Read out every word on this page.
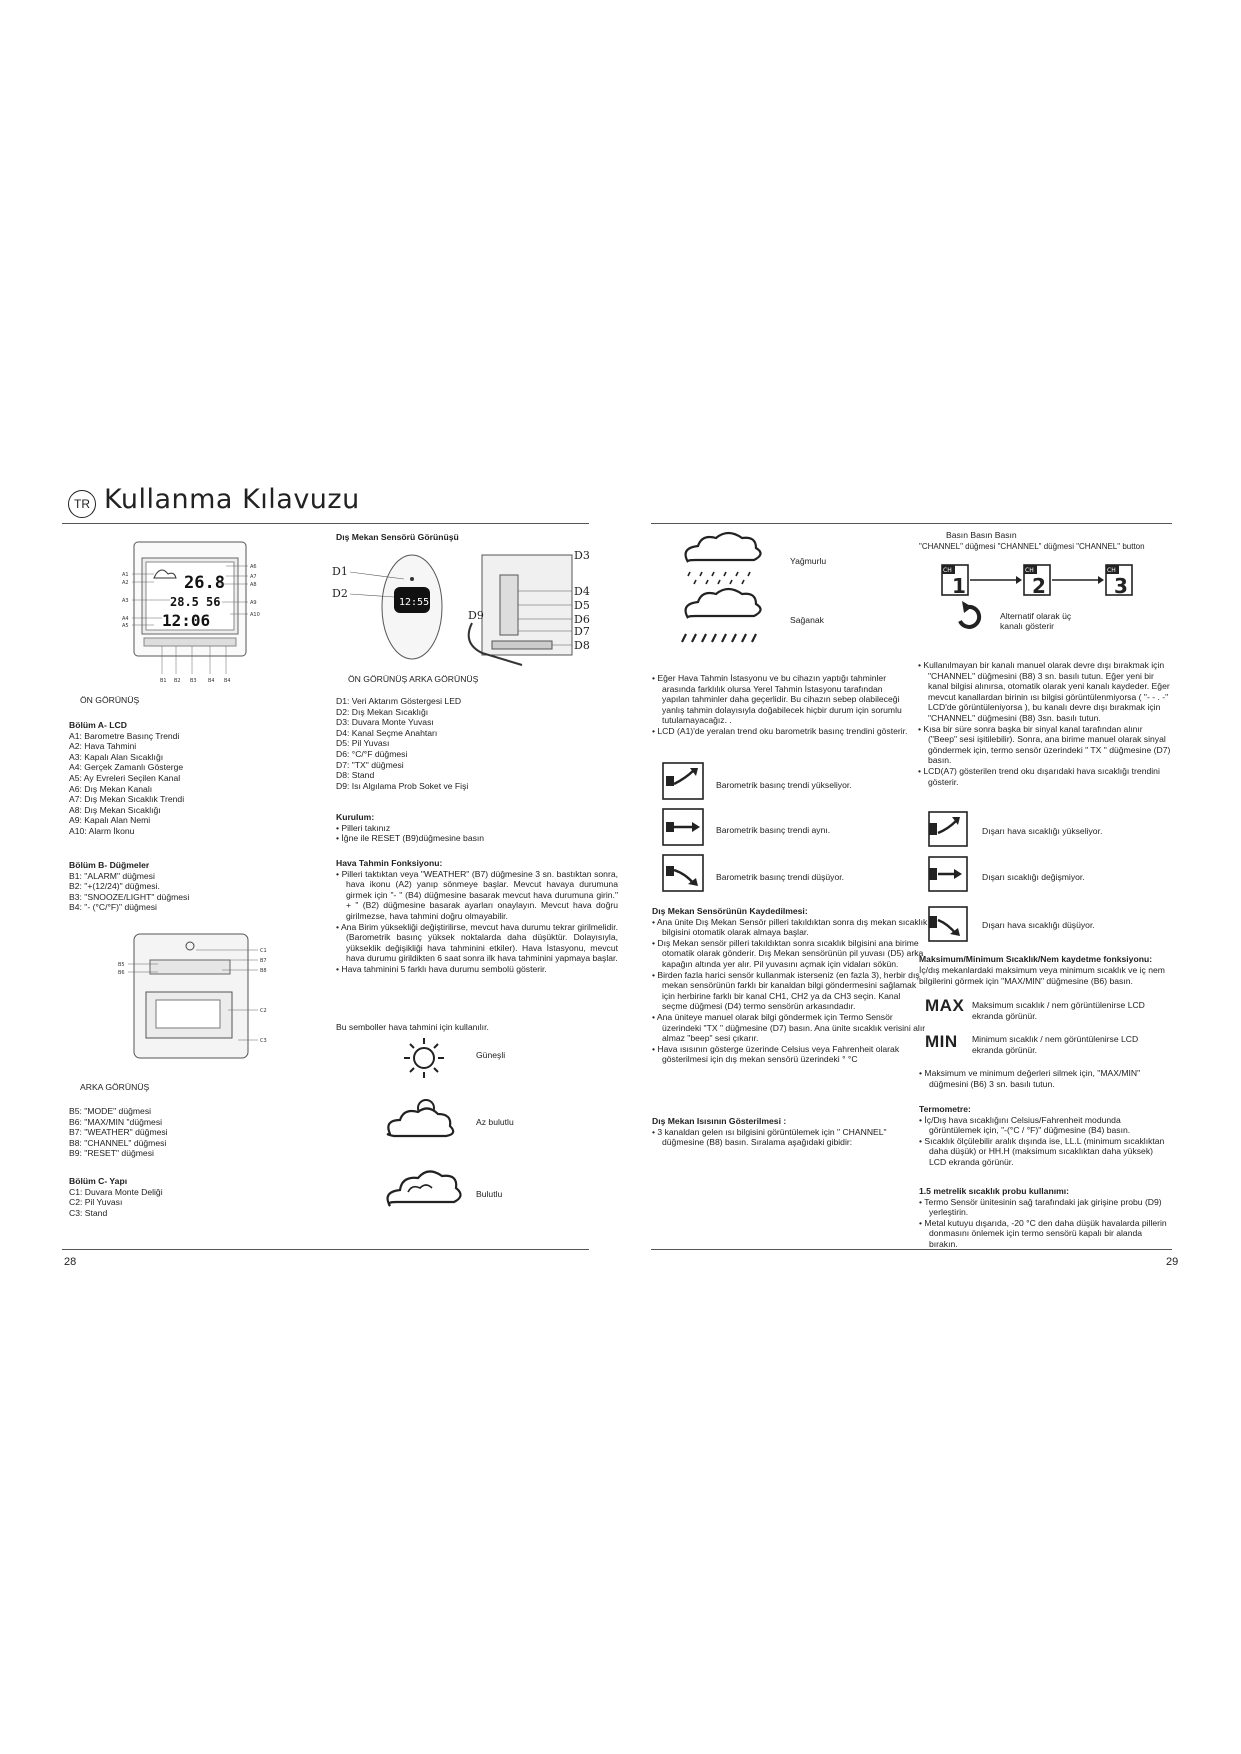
TR Kullanma Kılavuzu
28	29
26.8
28.5 56
12:06
A1
A2
A3
A4
A5
A6
A7
A8
A9
A10
B1 B2 B3 B4 B4
ÖN GÖRÜNÜŞ
Bölüm A- LCD
A1: Barometre Basınç Trendi
A2: Hava Tahmini
A3: Kapalı Alan Sıcaklığı
A4: Gerçek Zamanlı Gösterge
A5: Ay Evreleri Seçilen Kanal
A6: Dış Mekan Kanalı
A7: Dış Mekan Sıcaklık Trendi
A8: Dış Mekan Sıcaklığı
A9: Kapalı Alan Nemi
A10: Alarm İkonu
Bölüm B- Düğmeler
B1: "ALARM" düğmesi
B2: "+(12/24)" düğmesi.
B3: "SNOOZE/LIGHT" düğmesi
B4: "- (°C/°F)" düğmesi
B5
B6
C1
B7
B8
C2
C3
ARKA GÖRÜNÜŞ
B5: "MODE" düğmesi
B6: "MAX/MIN "düğmesi
B7: "WEATHER" düğmesi
B8: "CHANNEL" düğmesi
B9: "RESET" düğmesi
Bölüm C- Yapı
C1: Duvara Monte Deliği
C2: Pil Yuvası
C3: Stand
Dış Mekan Sensörü Görünüşü
12:55
D1
D2
D3
D4
D5
D6
D7
D8
D9
ÖN GÖRÜNÜŞ ARKA GÖRÜNÜŞ
D1: Veri Aktarım Göstergesi LED
D2: Dış Mekan Sıcaklığı
D3: Duvara Monte Yuvası
D4: Kanal Seçme Anahtarı
D5: Pil Yuvası
D6: °C/°F düğmesi
D7: "TX" düğmesi
D8: Stand
D9: Isı Algılama Prob Soket ve Fişi
Kurulum:
• Pilleri takınız
• İğne ile RESET (B9)düğmesine basın
Hava Tahmin Fonksiyonu:
• Pilleri taktıktan veya "WEATHER" (B7) düğmesine 3 sn. bastıktan sonra, hava ikonu (A2) yanıp sönmeye başlar. Mevcut havaya durumuna girmek için "- " (B4) düğmesine basarak mevcut hava durumuna girin." + " (B2) düğmesine basarak ayarları onaylayın. Mevcut hava doğru girilmezse, hava tahmini doğru olmayabilir.
• Ana Birim yüksekliği değiştirilirse, mevcut hava durumu tekrar girilmelidir. (Barometrik basınç yüksek noktalarda daha düşüktür. Dolayısıyla, yükseklik değişikliği hava tahminini etkiler). Hava İstasyonu, mevcut hava durumu girildikten 6 saat sonra ilk hava tahminini yapmaya başlar.
• Hava tahminini 5 farklı hava durumu sembolü gösterir.
Bu semboller hava tahmini için kullanılır.
Güneşli
Az bulutlu
Bulutlu
Yağmurlu
Sağanak
• Eğer Hava Tahmin İstasyonu ve bu cihazın yaptığı tahminler arasında farklılık olursa Yerel Tahmin İstasyonu tarafından yapılan tahminler daha geçerlidir. Bu cihazın sebep olabileceği yanlış tahmin dolayısıyla doğabilecek hiçbir durum için sorumlu tutulamayacağız. .
• LCD (A1)'de yeralan trend oku barometrik basınç trendini gösterir.
Barometrik basınç trendi yükseliyor.
Barometrik basınç trendi aynı.
Barometrik basınç trendi düşüyor.
Dış Mekan Sensörünün Kaydedilmesi:
• Ana ünite Dış Mekan Sensör pilleri takıldıktan sonra dış mekan sıcaklık bilgisini otomatik olarak almaya başlar.
• Dış Mekan sensör pilleri takıldıktan sonra sıcaklık bilgisini ana birime otomatik olarak gönderir. Dış Mekan sensörünün pil yuvası (D5) arka kapağın altında yer alır. Pil yuvasını açmak için vidaları sökün.
• Birden fazla harici sensör kullanmak isterseniz (en fazla 3), herbir dış mekan sensörünün farklı bir kanaldan bilgi göndermesini sağlamak için herbirine farklı bir kanal CH1, CH2 ya da CH3 seçin. Kanal seçme düğmesi (D4) termo sensörün arkasındadır.
• Ana üniteye manuel olarak bilgi göndermek için Termo Sensör üzerindeki "TX " düğmesine (D7) basın. Ana ünite sıcaklık verisini alır almaz "beep" sesi çıkarır.
• Hava ısısının gösterge üzerinde Celsius veya Fahrenheit olarak gösterilmesi için dış mekan sensörü üzerindeki ° °C
Dış Mekan Isısının Gösterilmesi :
• 3 kanaldan gelen ısı bilgisini görüntülemek için " CHANNEL" düğmesine (B8) basın. Sıralama aşağıdaki gibidir:
Basın Basın Basın
"CHANNEL" düğmesi "CHANNEL" düğmesi "CHANNEL" button
CH
1
CH
2
CH
3
Alternatif olarak üç
kanalı gösterir
• Kullanılmayan bir kanalı manuel olarak devre dışı bırakmak için "CHANNEL" düğmesini (B8) 3 sn. basılı tutun. Eğer yeni bir kanal bilgisi alınırsa, otomatik olarak yeni kanalı kaydeder. Eğer mevcut kanallardan birinin ısı bilgisi görüntülenmiyorsa ( "- - . -" LCD'de görüntüleniyorsa ), bu kanalı devre dışı bırakmak için "CHANNEL" düğmesini (B8) 3sn. basılı tutun.
• Kısa bir süre sonra başka bir sinyal kanal tarafından alınır ("Beep" sesi işitilebilir). Sonra, ana birime manuel olarak sinyal göndermek için, termo sensör üzerindeki " TX " düğmesine (D7) basın.
• LCD(A7) gösterilen trend oku dışarıdaki hava sıcaklığı trendini gösterir.
Dışarı hava sıcaklığı yükseliyor.
Dışarı sıcaklığı değişmiyor.
Dışarı hava sıcaklığı düşüyor.
Maksimum/Minimum Sıcaklık/Nem kaydetme fonksiyonu:
İç/dış mekanlardaki maksimum veya minimum sıcaklık ve iç nem bilgilerini görmek için "MAX/MIN" düğmesine (B6) basın.
MAX Maksimum sıcaklık / nem görüntülenirse LCD ekranda görünür.
MIN Minimum sıcaklık / nem görüntülenirse LCD ekranda görünür.
• Maksimum ve minimum değerleri silmek için, "MAX/MIN" düğmesini (B6) 3 sn. basılı tutun.
Termometre:
• İç/Dış hava sıcaklığını Celsius/Fahrenheit modunda görüntülemek için, "-(°C / °F)" düğmesine (B4) basın.
• Sıcaklık ölçülebilir aralık dışında ise, LL.L (minimum sıcaklıktan daha düşük) or HH.H (maksimum sıcaklıktan daha yüksek) LCD ekranda görünür.
1.5 metrelik sıcaklık probu kullanımı:
• Termo Sensör ünitesinin sağ tarafındaki jak girişine probu (D9) yerleştirin.
• Metal kutuyu dışarıda, -20 °C den daha düşük havalarda pillerin donmasını önlemek için termo sensörü kapalı bir alanda bırakın.
